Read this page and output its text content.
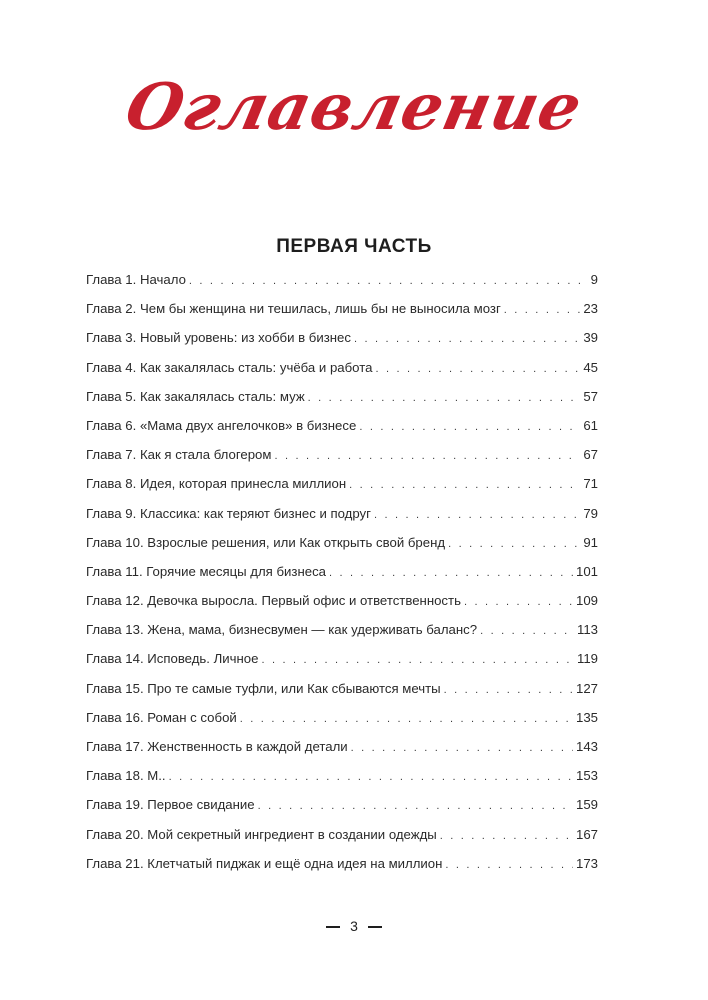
Оглавление
ПЕРВАЯ ЧАСТЬ
Глава 1. Начало . . .	9
Глава 2. Чем бы женщина ни тешилась, лишь бы не выносила мозг . . .	23
Глава 3. Новый уровень: из хобби в бизнес . . .	39
Глава 4. Как закалялась сталь: учёба и работа . . .	45
Глава 5. Как закалялась сталь: муж . . .	57
Глава 6. «Мама двух ангелочков» в бизнесе . . .	61
Глава 7. Как я стала блогером . . .	67
Глава 8. Идея, которая принесла миллион . . .	71
Глава 9. Классика: как теряют бизнес и подруг . . .	79
Глава 10. Взрослые решения, или Как открыть свой бренд . . .	91
Глава 11. Горячие месяцы для бизнеса . . .	101
Глава 12. Девочка выросла. Первый офис и ответственность . . .	109
Глава 13. Жена, мама, бизнесвумен — как удерживать баланс? . . .	113
Глава 14. Исповедь. Личное . . .	119
Глава 15. Про те самые туфли, или Как сбываются мечты . . .	127
Глава 16. Роман с собой . . .	135
Глава 17. Женственность в каждой детали . . .	143
Глава 18. М.. . . .	153
Глава 19. Первое свидание . . .	159
Глава 20. Мой секретный ингредиент в создании одежды . . .	167
Глава 21. Клетчатый пиджак и ещё одна идея на миллион . . .	173
3
